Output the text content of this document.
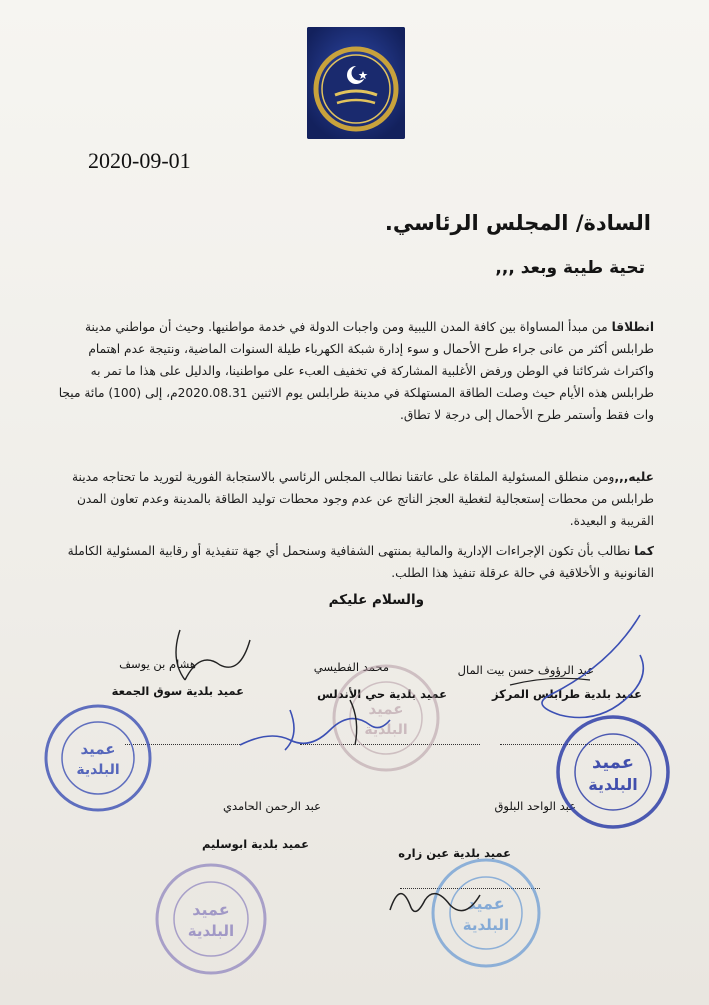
2020-09-01
السادة/ المجلس الرئاسي.
تحية طيبة وبعد ,,,
انطلاقا من مبدأ المساواة بين كافة المدن الليبية ومن واجبات الدولة في خدمة مواطنيها. وحيث أن مواطني مدينة طرابلس أكثر من عانى جراء طرح الأحمال و سوء إدارة شبكة الكهرباء طيلة السنوات الماضية، ونتيجة عدم اهتمام واكتراث شركائنا في الوطن ورفض الأغلبية المشاركة في تخفيف العبء على مواطنينا، والدليل على هذا ما تمر به طرابلس هذه الأيام حيث وصلت الطاقة المستهلكة في مدينة طرابلس يوم الاثنين 2020.08.31م، إلى (100) مائة ميجا وات فقط وأستمر طرح الأحمال إلى درجة لا تطاق.
عليه,,,ومن منطلق المسئولية الملقاة على عاتقنا نطالب المجلس الرئاسي بالاستجابة الفورية لتوريد ما تحتاجه مدينة طرابلس من محطات إستعجالية لتغطية العجز الناتج عن عدم وجود محطات توليد الطاقة بالمدينة وعدم تعاون المدن القريبة و البعيدة.
كما نطالب بأن تكون الإجراءات الإدارية والمالية بمنتهى الشفافية وسنحمل أي جهة تنفيذية أو رقابية المسئولية الكاملة القانونية و الأخلاقية في حالة عرقلة تنفيذ هذا الطلب.
والسلام عليكم
عبد الرؤوف حسن بيت المال
عميد بلدية طرابلس المركز
محمد الفطيسي
عميد بلدية حي الأندلس
هشام بن يوسف
عميد بلدية سوق الجمعة
عبد الواحد البلوق
عميد بلدية عين زاره
عبد الرحمن الحامدي
عميد بلدية ابوسليم
عميد
البلدية
عميد
البلدية
عميد
البلدية
عميد
البلدية
عميد
البلدية
